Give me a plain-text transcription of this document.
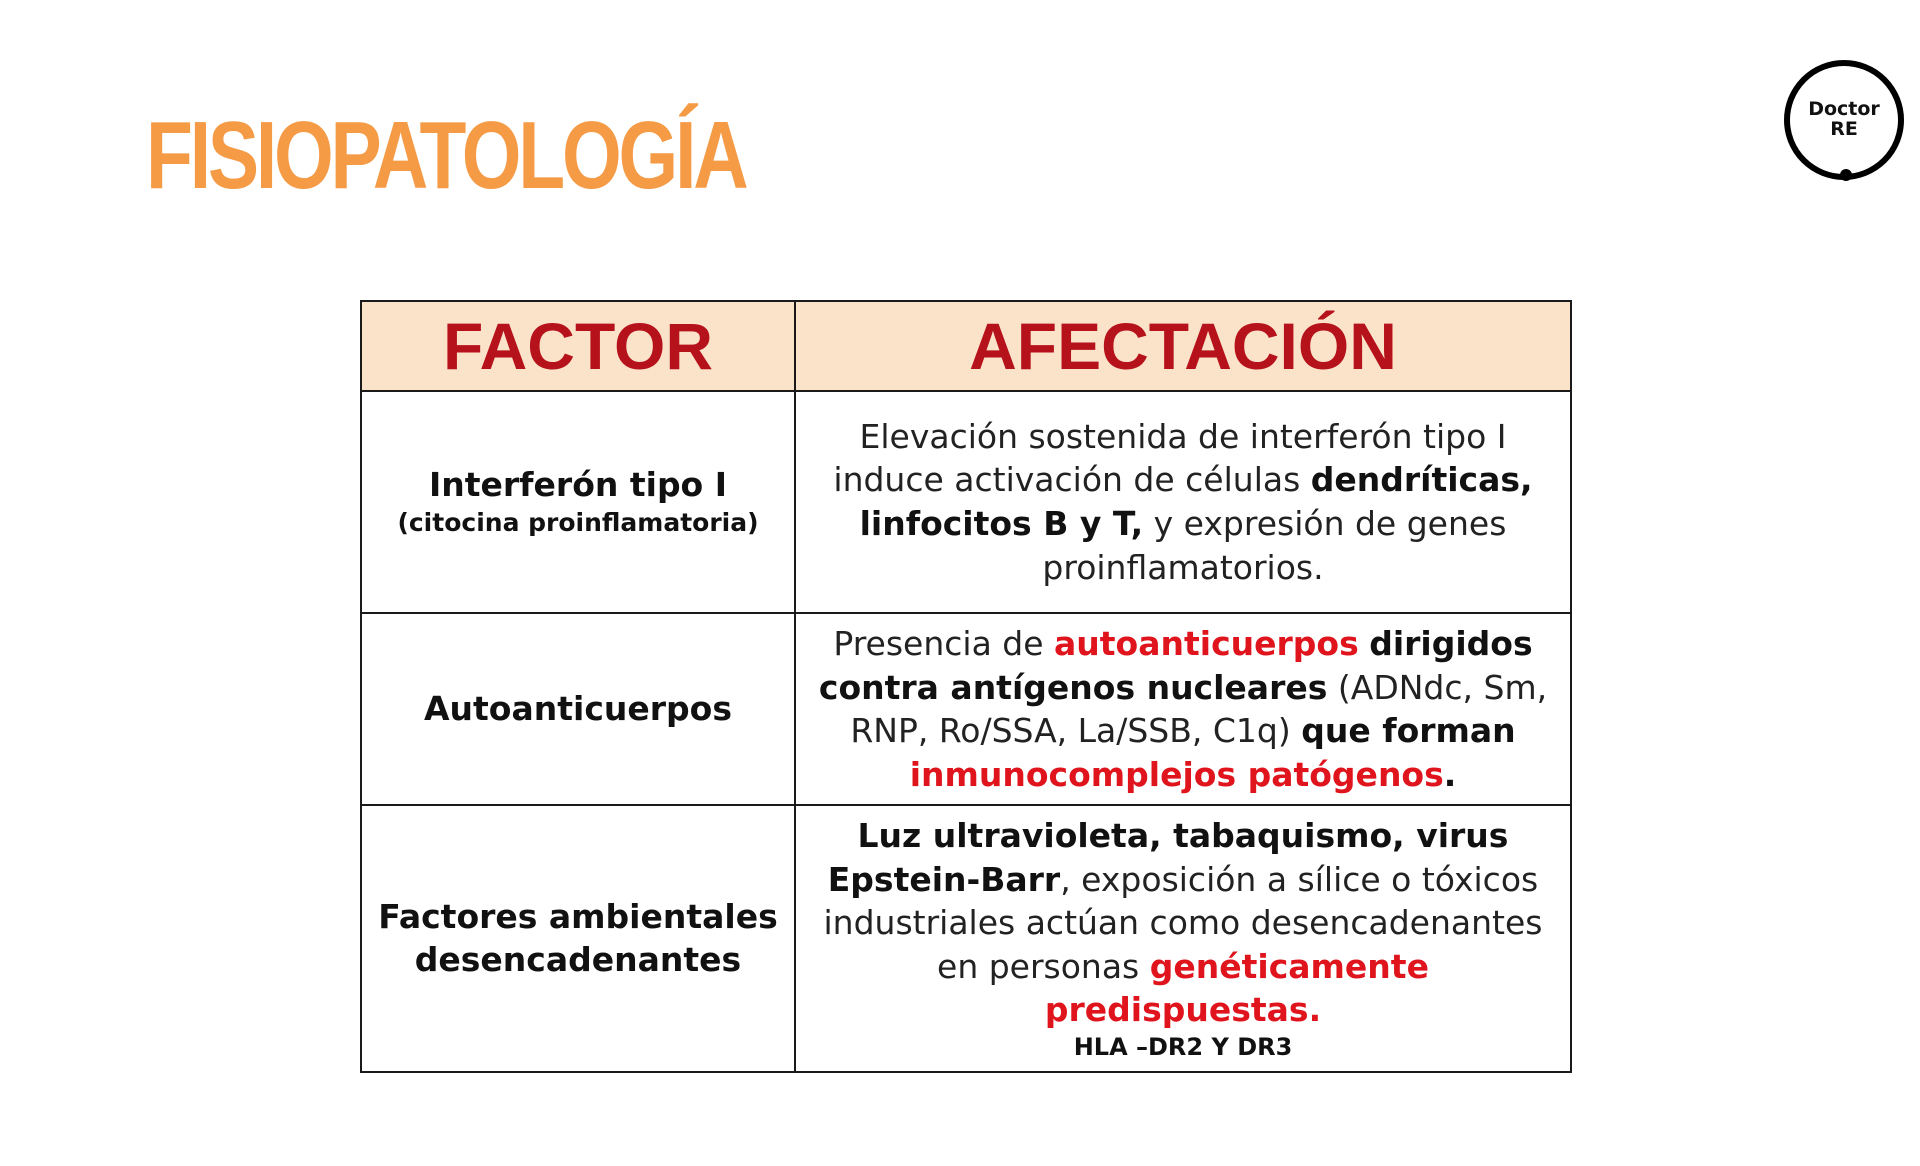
FISIOPATOLOGÍA	Doctor
RE
FACTOR	AFECTACIÓN
Interferón tipo I
(citocina proinflamatoria)	Elevación sostenida de interferón tipo I induce activación de células dendríticas, linfocitos B y T, y expresión de genes proinflamatorios.
Autoanticuerpos	Presencia de autoanticuerpos dirigidos contra antígenos nucleares (ADNdc, Sm, RNP, Ro/SSA, La/SSB, C1q) que forman inmunocomplejos patógenos.
Factores ambientales desencadenantes	Luz ultravioleta, tabaquismo, virus Epstein-Barr, exposición a sílice o tóxicos industriales actúan como desencadenantes en personas genéticamente predispuestas.
HLA –DR2 Y DR3
